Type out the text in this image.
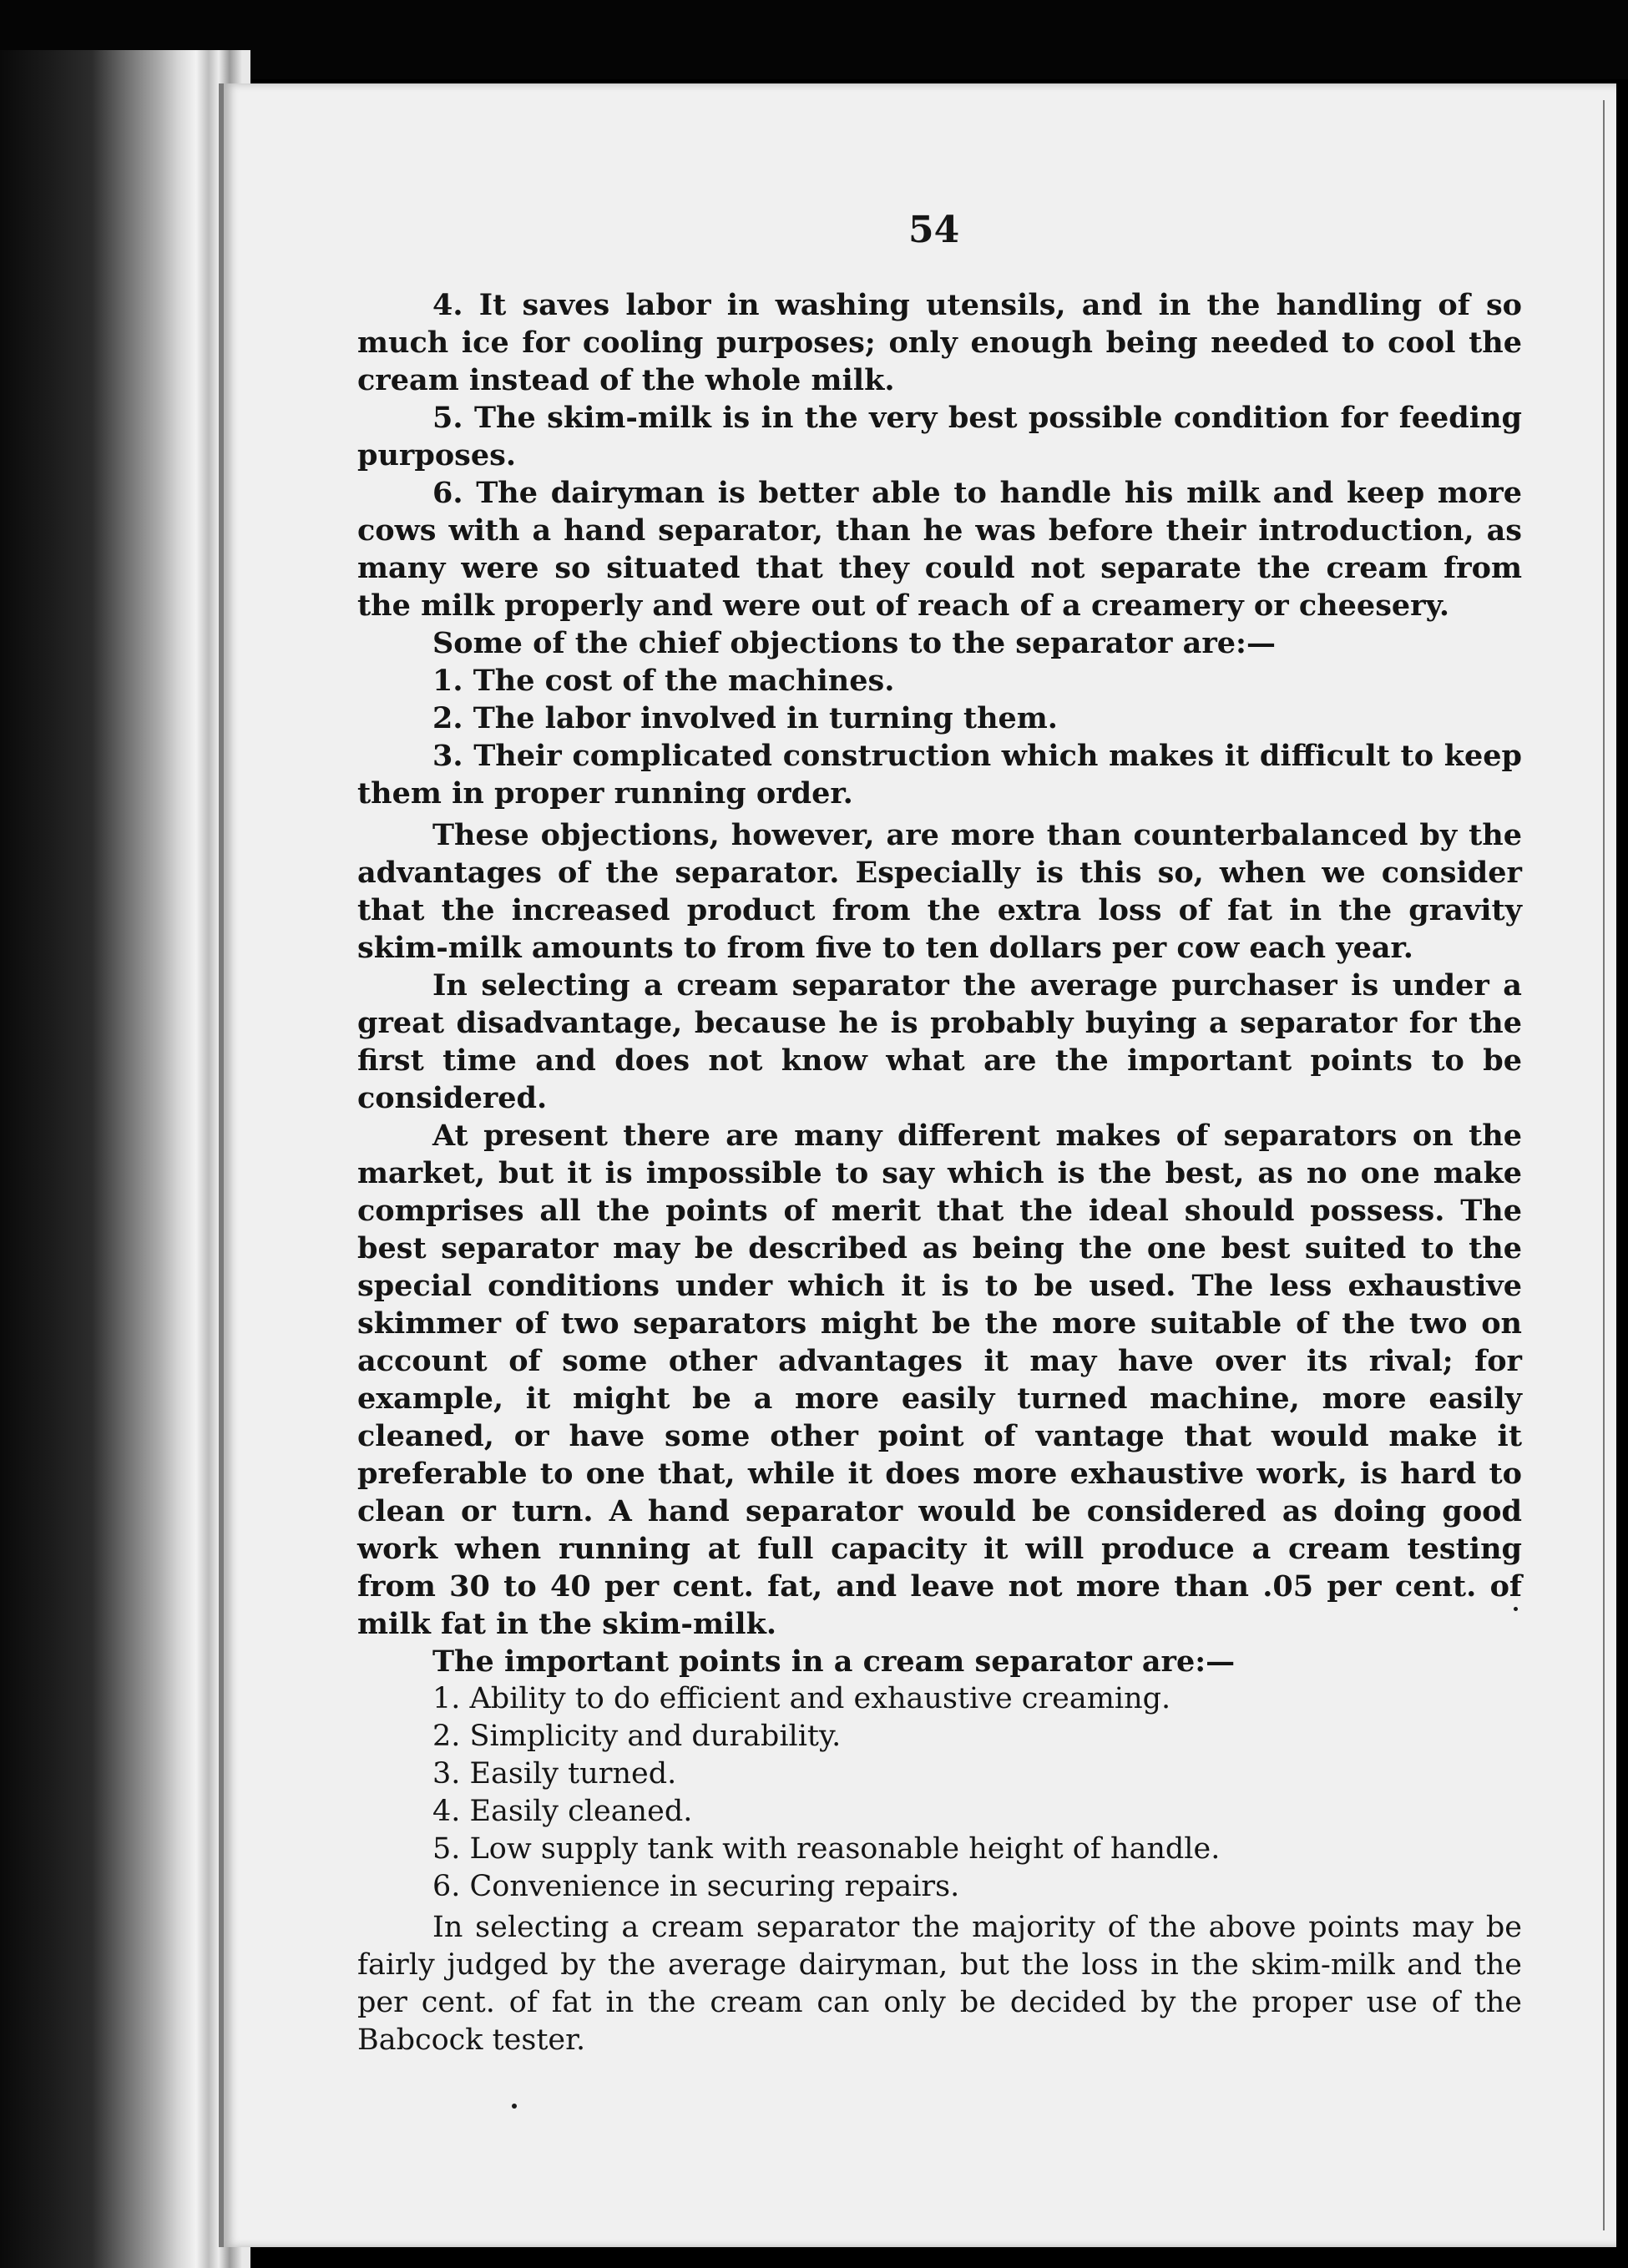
54

4. It saves labor in washing utensils, and in the handling of so much ice for cooling purposes; only enough being needed to cool the cream instead of the whole milk.

5. The skim-milk is in the very best possible condition for feeding purposes.

6. The dairyman is better able to handle his milk and keep more cows with a hand separator, than he was before their introduction, as many were so situated that they could not separate the cream from the milk properly and were out of reach of a creamery or cheesery.

Some of the chief objections to the separator are:—

1. The cost of the machines.

2. The labor involved in turning them.

3. Their complicated construction which makes it difficult to keep them in proper running order.

These objections, however, are more than counterbalanced by the advantages of the separator. Especially is this so, when we consider that the increased product from the extra loss of fat in the gravity skim-milk amounts to from five to ten dollars per cow each year.

In selecting a cream separator the average purchaser is under a great disadvantage, because he is probably buying a separator for the first time and does not know what are the important points to be considered.

At present there are many different makes of separators on the market, but it is impossible to say which is the best, as no one make comprises all the points of merit that the ideal should possess. The best separator may be described as being the one best suited to the special conditions under which it is to be used. The less exhaustive skimmer of two separators might be the more suitable of the two on account of some other advantages it may have over its rival; for example, it might be a more easily turned machine, more easily cleaned, or have some other point of vantage that would make it preferable to one that, while it does more exhaustive work, is hard to clean or turn. A hand separator would be considered as doing good work when running at full capacity it will produce a cream testing from 30 to 40 per cent. fat, and leave not more than .05 per cent. of milk fat in the skim-milk.

The important points in a cream separator are:—

1. Ability to do efficient and exhaustive creaming.

2. Simplicity and durability.

3. Easily turned.

4. Easily cleaned.

5. Low supply tank with reasonable height of handle.

6. Convenience in securing repairs.

In selecting a cream separator the majority of the above points may be fairly judged by the average dairyman, but the loss in the skim-milk and the per cent. of fat in the cream can only be decided by the proper use of the Babcock tester.
